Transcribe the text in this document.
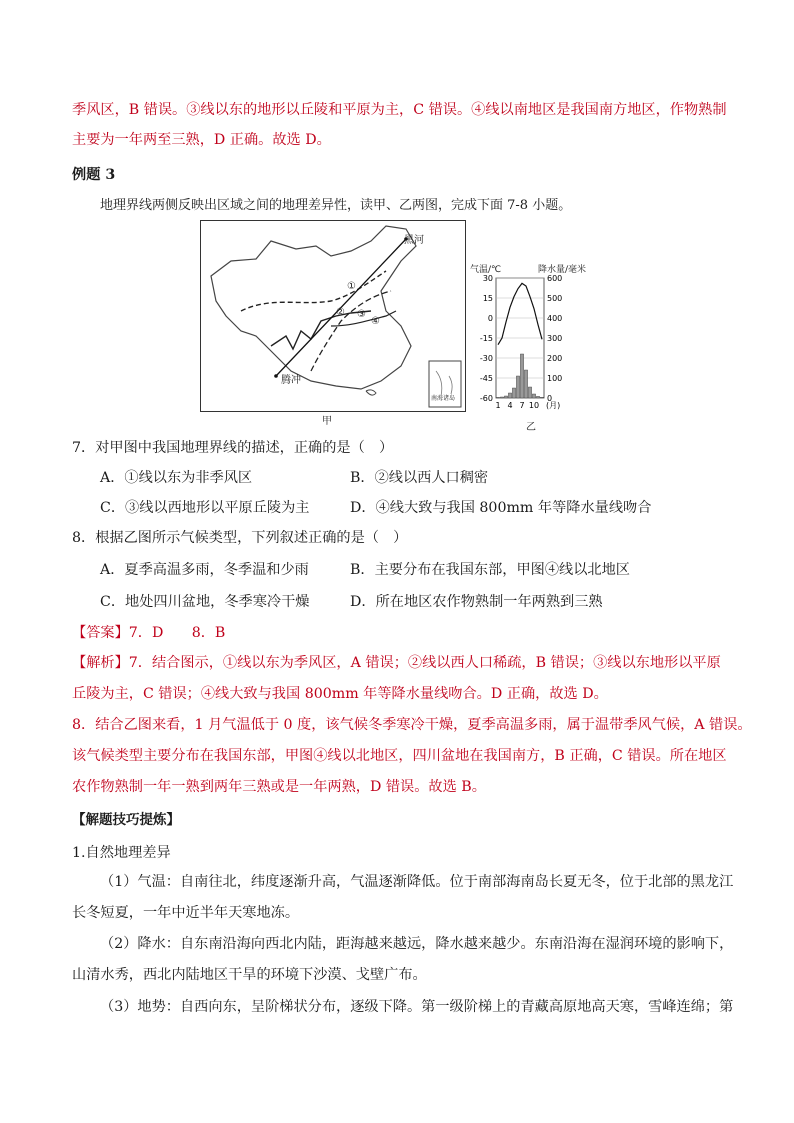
季风区，B 错误。③线以东的地形以丘陵和平原为主，C 错误。④线以南地区是我国南方地区，作物熟制
主要为一年两至三熟，D 正确。故选 D。
例题 3
地理界线两侧反映出区域之间的地理差异性，读甲、乙两图，完成下面 7-8 小题。
黑河
腾冲
①
② ③
④
南海诸岛
甲
气温/℃	降水量/毫米
30
15
0
-15
-30
-45
-60
600
500
400
300
200
100
0
1 4 7 10 (月)
乙
7．对甲图中我国地理界线的描述，正确的是（　）
A．①线以东为非季风区	B．②线以西人口稠密
C．③线以西地形以平原丘陵为主	D．④线大致与我国 800mm 年等降水量线吻合
8．根据乙图所示气候类型，下列叙述正确的是（　）
A．夏季高温多雨，冬季温和少雨	B．主要分布在我国东部，甲图④线以北地区
C．地处四川盆地，冬季寒冷干燥	D．所在地区农作物熟制一年两熟到三熟
【答案】7．D　　8．B
【解析】7．结合图示，①线以东为季风区，A 错误；②线以西人口稀疏，B 错误；③线以东地形以平原
丘陵为主，C 错误；④线大致与我国 800mm 年等降水量线吻合。D 正确，故选 D。
8．结合乙图来看，1 月气温低于 0 度，该气候冬季寒冷干燥，夏季高温多雨，属于温带季风气候，A 错误。
该气候类型主要分布在我国东部，甲图④线以北地区，四川盆地在我国南方，B 正确，C 错误。所在地区
农作物熟制一年一熟到两年三熟或是一年两熟，D 错误。故选 B。
【解题技巧提炼】
1.自然地理差异
（1）气温：自南往北，纬度逐渐升高，气温逐渐降低。位于南部海南岛长夏无冬，位于北部的黑龙江
长冬短夏，一年中近半年天寒地冻。
（2）降水：自东南沿海向西北内陆，距海越来越远，降水越来越少。东南沿海在湿润环境的影响下，
山清水秀，西北内陆地区干旱的环境下沙漠、戈壁广布。
（3）地势：自西向东，呈阶梯状分布，逐级下降。第一级阶梯上的青藏高原地高天寒，雪峰连绵；第
